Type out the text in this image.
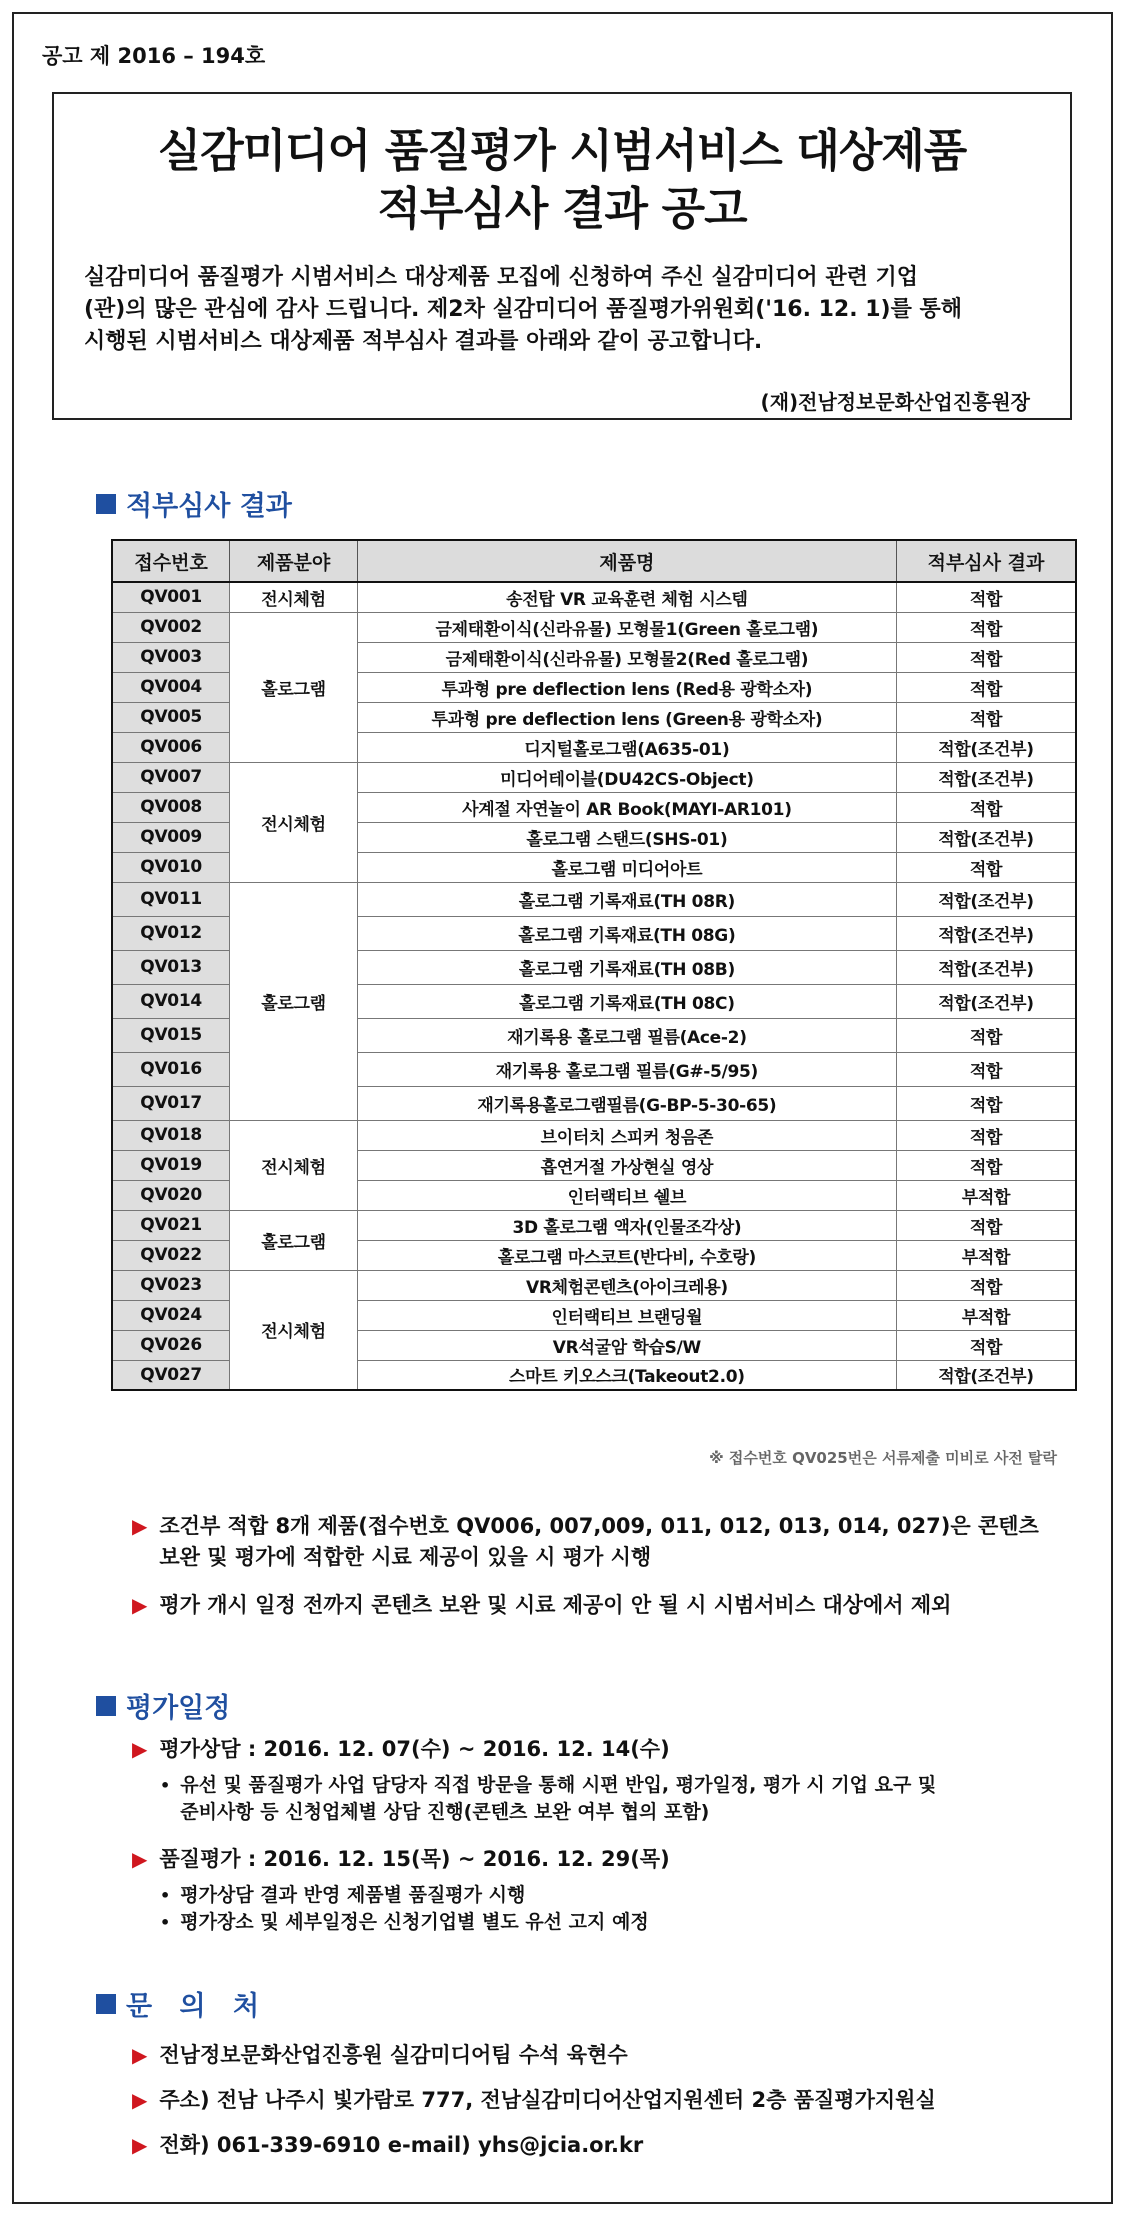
공고 제 2016 – 194호
실감미디어 품질평가 시범서비스 대상제품
적부심사 결과 공고
실감미디어 품질평가 시범서비스 대상제품 모집에 신청하여 주신 실감미디어 관련 기업
(관)의 많은 관심에 감사 드립니다. 제2차 실감미디어 품질평가위원회('16. 12. 1)를 통해
시행된 시범서비스 대상제품 적부심사 결과를 아래와 같이 공고합니다.
(재)전남정보문화산업진흥원장
적부심사 결과
접수번호	제품분야	제품명	적부심사 결과
QV001	전시체험	송전탑 VR 교육훈련 체험 시스템	적합
QV002	홀로그램	금제태환이식(신라유물) 모형물1(Green 홀로그램)	적합
QV003		금제태환이식(신라유물) 모형물2(Red 홀로그램)	적합
QV004		투과형 pre deflection lens (Red용 광학소자)	적합
QV005		투과형 pre deflection lens (Green용 광학소자)	적합
QV006		디지털홀로그램(A635-01)	적합(조건부)
QV007	전시체험	미디어테이블(DU42CS-Object)	적합(조건부)
QV008		사계절 자연놀이 AR Book(MAYI-AR101)	적합
QV009		홀로그램 스탠드(SHS-01)	적합(조건부)
QV010		홀로그램 미디어아트	적합
QV011	홀로그램	홀로그램 기록재료(TH 08R)	적합(조건부)
QV012		홀로그램 기록재료(TH 08G)	적합(조건부)
QV013		홀로그램 기록재료(TH 08B)	적합(조건부)
QV014		홀로그램 기록재료(TH 08C)	적합(조건부)
QV015		재기록용 홀로그램 필름(Ace-2)	적합
QV016		재기록용 홀로그램 필름(G#-5/95)	적합
QV017		재기록용홀로그램필름(G-BP-5-30-65)	적합
QV018	전시체험	브이터치 스피커 청음존	적합
QV019		흡연거절 가상현실 영상	적합
QV020		인터랙티브 쉘브	부적합
QV021	홀로그램	3D 홀로그램 액자(인물조각상)	적합
QV022		홀로그램 마스코트(반다비, 수호랑)	부적합
QV023	전시체험	VR체험콘텐츠(아이크레용)	적합
QV024		인터랙티브 브랜딩월	부적합
QV026		VR석굴암 학습S/W	적합
QV027		스마트 키오스크(Takeout2.0)	적합(조건부)
※ 접수번호 QV025번은 서류제출 미비로 사전 탈락
▶ 조건부 적합 8개 제품(접수번호 QV006, 007,009, 011, 012, 013, 014, 027)은 콘텐츠
보완 및 평가에 적합한 시료 제공이 있을 시 평가 시행
▶ 평가 개시 일정 전까지 콘텐츠 보완 및 시료 제공이 안 될 시 시범서비스 대상에서 제외
평가일정
▶ 평가상담 : 2016. 12. 07(수) ~ 2016. 12. 14(수)
• 유선 및 품질평가 사업 담당자 직접 방문을 통해 시편 반입, 평가일정, 평가 시 기업 요구 및
준비사항 등 신청업체별 상담 진행(콘텐츠 보완 여부 협의 포함)
▶ 품질평가 : 2016. 12. 15(목) ~ 2016. 12. 29(목)
• 평가상담 결과 반영 제품별 품질평가 시행
• 평가장소 및 세부일정은 신청기업별 별도 유선 고지 예정
문 의 처
▶ 전남정보문화산업진흥원 실감미디어팀 수석 육현수
▶ 주소) 전남 나주시 빛가람로 777, 전남실감미디어산업지원센터 2층 품질평가지원실
▶ 전화) 061-339-6910 e-mail) yhs@jcia.or.kr
